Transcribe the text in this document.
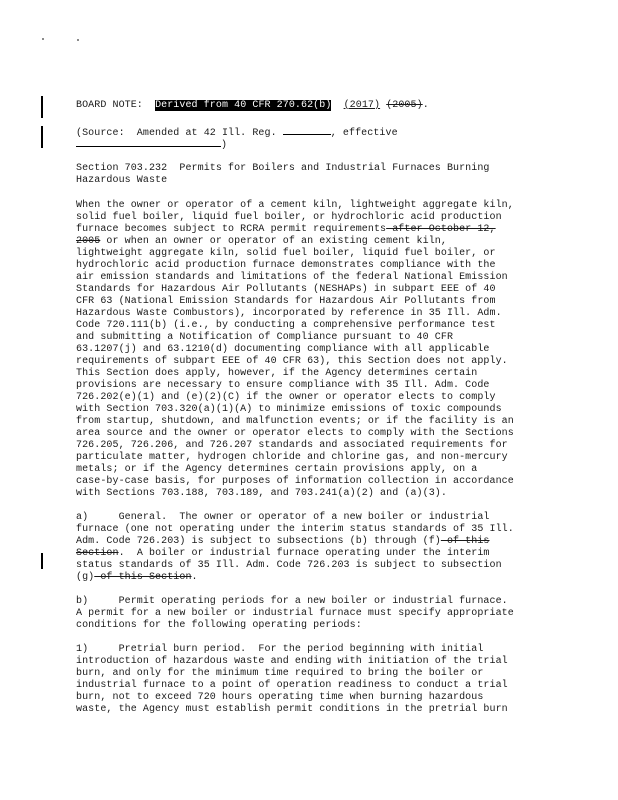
BOARD NOTE: Derived from 40 CFR 270.62(b) (2017) (2005).
(Source:  Amended at 42 Ill. Reg.	, effective
)
Section 703.232  Permits for Boilers and Industrial Furnaces Burning
Hazardous Waste
When the owner or operator of a cement kiln, lightweight aggregate kiln,
solid fuel boiler, liquid fuel boiler, or hydrochloric acid production
furnace becomes subject to RCRA permit requirements after October 12,
2005 or when an owner or operator of an existing cement kiln,
lightweight aggregate kiln, solid fuel boiler, liquid fuel boiler, or
hydrochloric acid production furnace demonstrates compliance with the
air emission standards and limitations of the federal National Emission
Standards for Hazardous Air Pollutants (NESHAPs) in subpart EEE of 40
CFR 63 (National Emission Standards for Hazardous Air Pollutants from
Hazardous Waste Combustors), incorporated by reference in 35 Ill. Adm.
Code 720.111(b) (i.e., by conducting a comprehensive performance test
and submitting a Notification of Compliance pursuant to 40 CFR
63.1207(j) and 63.1210(d) documenting compliance with all applicable
requirements of subpart EEE of 40 CFR 63), this Section does not apply.
This Section does apply, however, if the Agency determines certain
provisions are necessary to ensure compliance with 35 Ill. Adm. Code
726.202(e)(1) and (e)(2)(C) if the owner or operator elects to comply
with Section 703.320(a)(1)(A) to minimize emissions of toxic compounds
from startup, shutdown, and malfunction events; or if the facility is an
area source and the owner or operator elects to comply with the Sections
726.205, 726.206, and 726.207 standards and associated requirements for
particulate matter, hydrogen chloride and chlorine gas, and non-mercury
metals; or if the Agency determines certain provisions apply, on a
case-by-case basis, for purposes of information collection in accordance
with Sections 703.188, 703.189, and 703.241(a)(2) and (a)(3).
a)     General.  The owner or operator of a new boiler or industrial
furnace (one not operating under the interim status standards of 35 Ill.
Adm. Code 726.203) is subject to subsections (b) through (f) of this
Section.  A boiler or industrial furnace operating under the interim
status standards of 35 Ill. Adm. Code 726.203 is subject to subsection
(g) of this Section.
b)     Permit operating periods for a new boiler or industrial furnace.
A permit for a new boiler or industrial furnace must specify appropriate
conditions for the following operating periods:
1)     Pretrial burn period.  For the period beginning with initial
introduction of hazardous waste and ending with initiation of the trial
burn, and only for the minimum time required to bring the boiler or
industrial furnace to a point of operation readiness to conduct a trial
burn, not to exceed 720 hours operating time when burning hazardous
waste, the Agency must establish permit conditions in the pretrial burn
